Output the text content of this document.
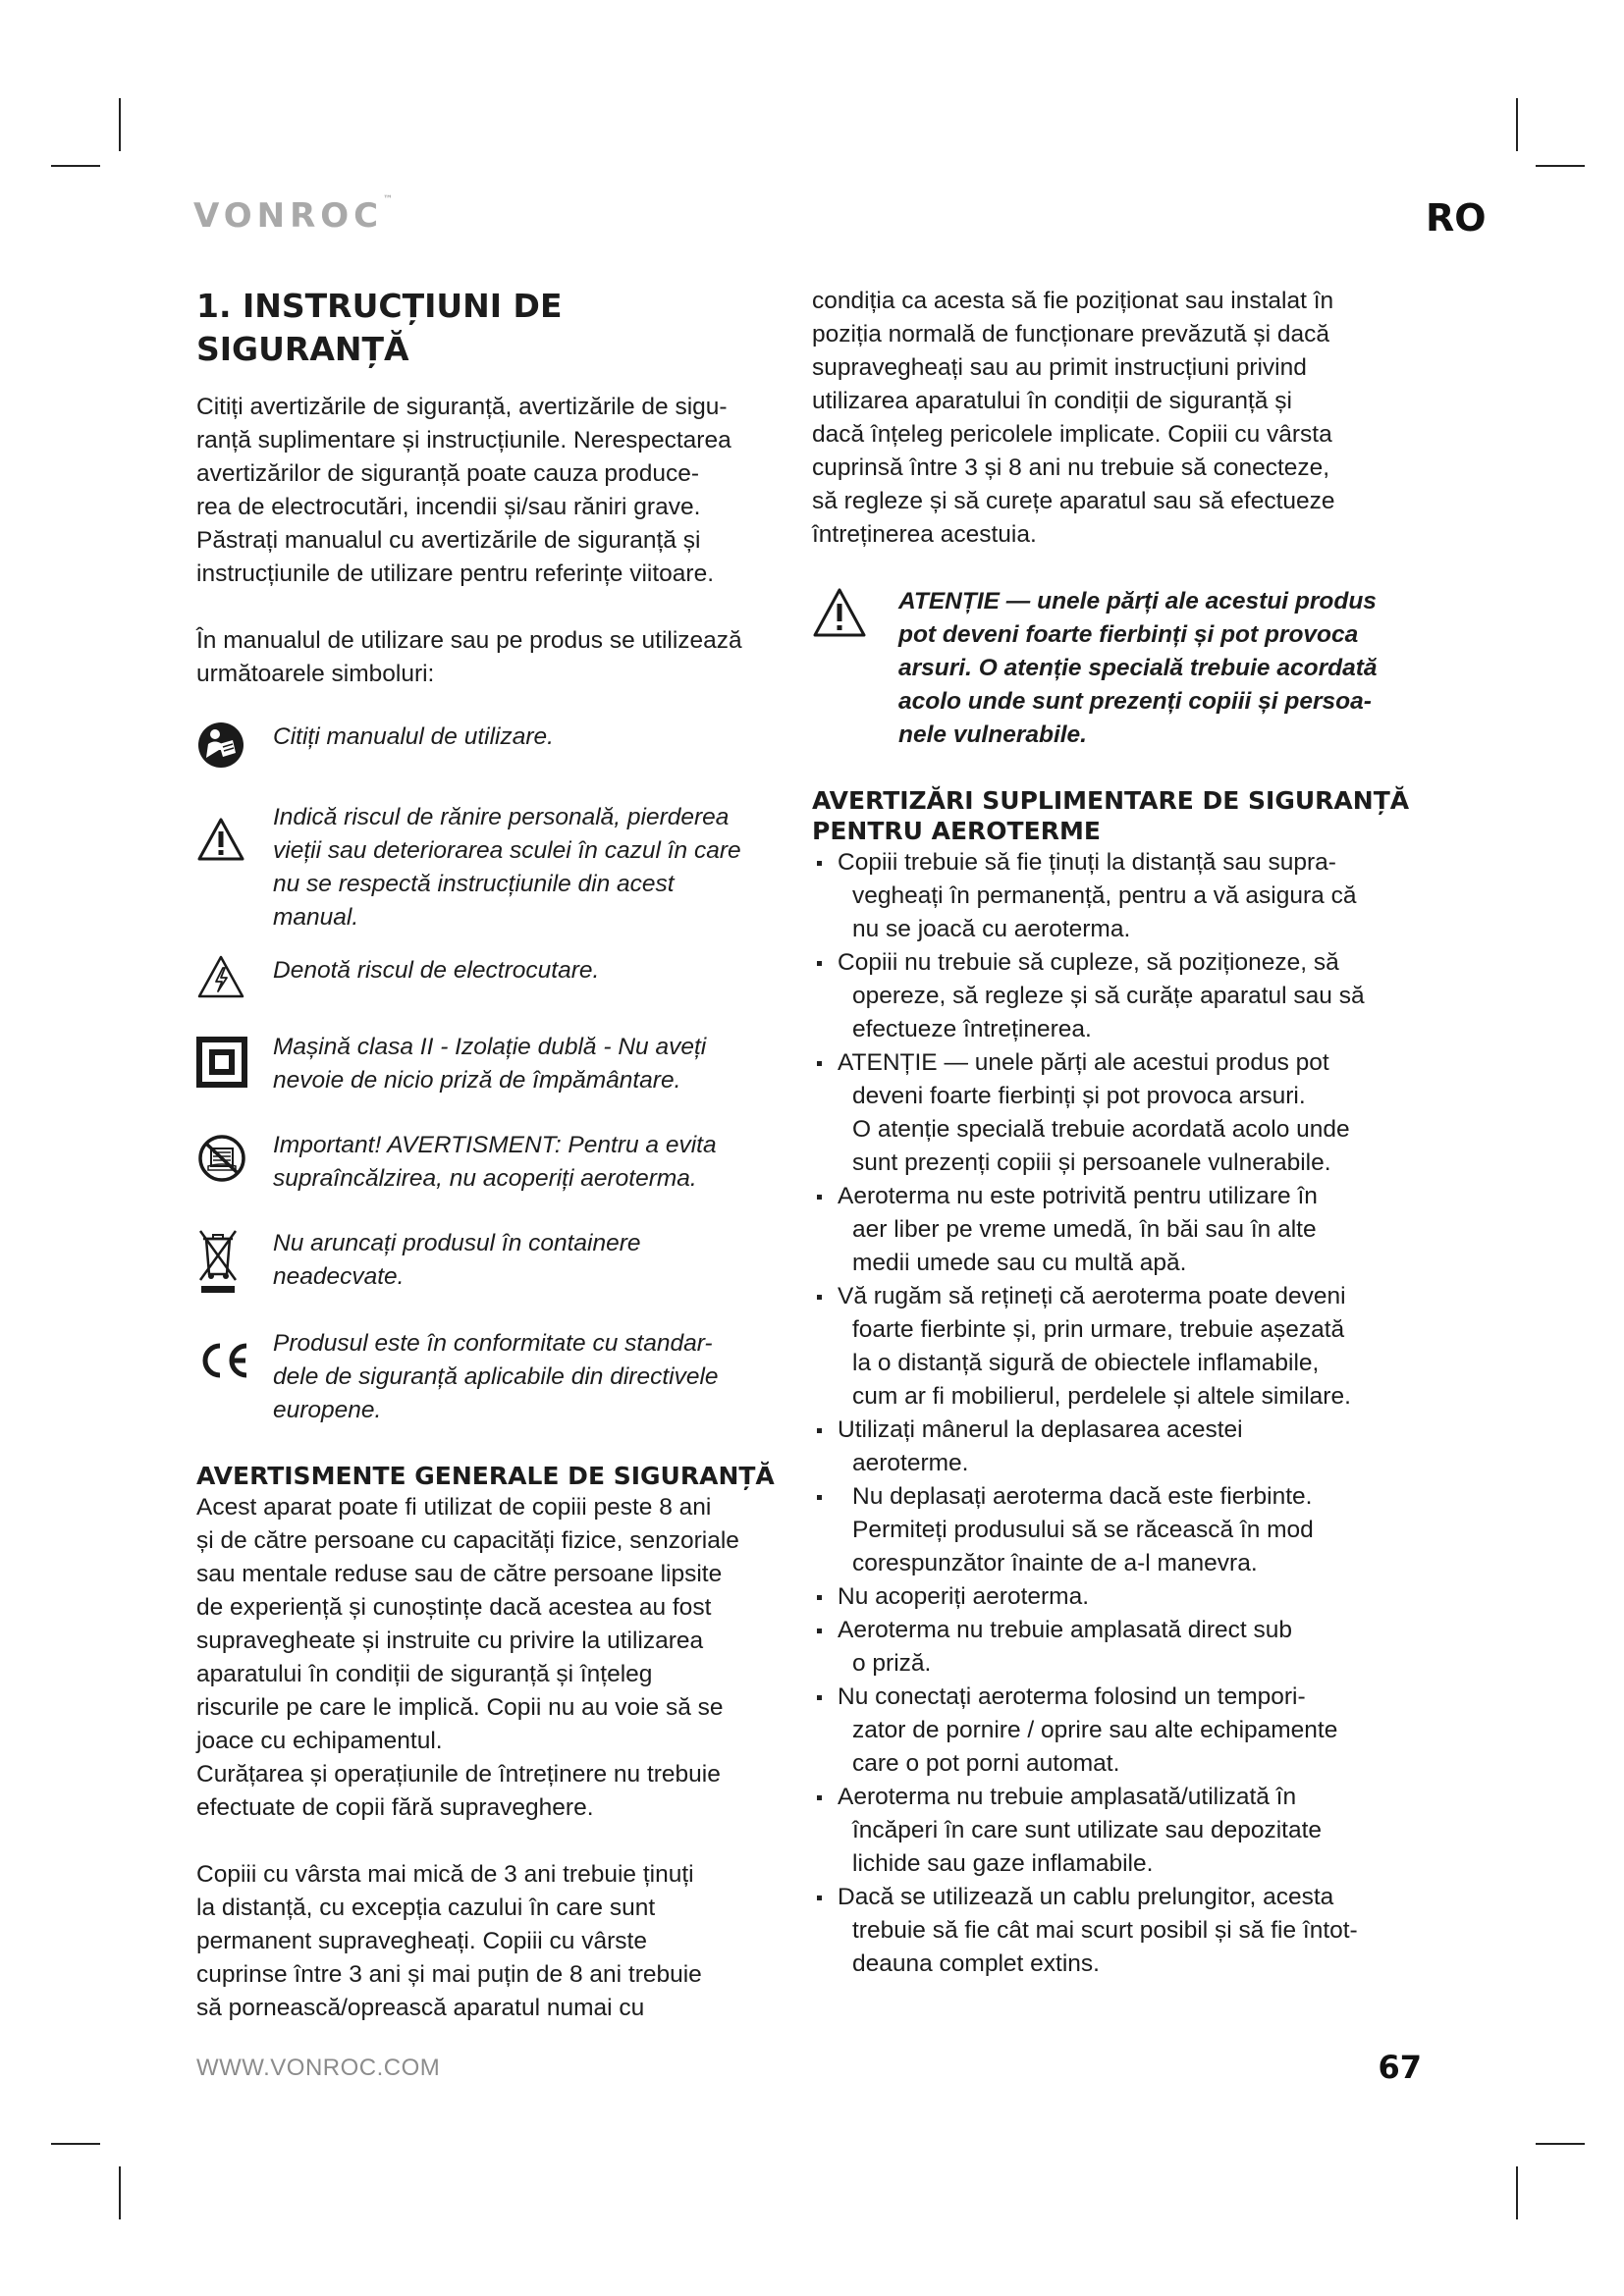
VONROC™	RO
1. INSTRUCȚIUNI DE SIGURANȚĂ

Citiți avertizările de siguranță, avertizările de sigu-
ranță suplimentare și instrucțiunile. Nerespectarea
avertizărilor de siguranță poate cauza produce-
rea de electrocutări, incendii și/sau răniri grave.
Păstrați manualul cu avertizările de siguranță și
instrucțiunile de utilizare pentru referințe viitoare.

În manualul de utilizare sau pe produs se utilizează
următoarele simboluri:

Citiți manualul de utilizare.
Indică riscul de rănire personală, pierderea
vieții sau deteriorarea sculei în cazul în care
nu se respectă instrucțiunile din acest
manual.
Denotă riscul de electrocutare.
Mașină clasa II - Izolație dublă - Nu aveți
nevoie de nicio priză de împământare.
Important! AVERTISMENT: Pentru a evita
supraîncălzirea, nu acoperiți aeroterma.
Nu aruncați produsul în containere
neadecvate.
Produsul este în conformitate cu standar-
dele de siguranță aplicabile din directivele
europene.
AVERTISMENTE GENERALE DE SIGURANȚĂ

Acest aparat poate fi utilizat de copiii peste 8 ani
și de către persoane cu capacități fizice, senzoriale
sau mentale reduse sau de către persoane lipsite
de experiență și cunoștințe dacă acestea au fost
supravegheate și instruite cu privire la utilizarea
aparatului în condiții de siguranță și înțeleg
riscurile pe care le implică. Copii nu au voie să se
joace cu echipamentul.
Curățarea și operațiunile de întreținere nu trebuie
efectuate de copii fără supraveghere.

Copiii cu vârsta mai mică de 3 ani trebuie ținuți
la distanță, cu excepția cazului în care sunt
permanent supravegheați. Copiii cu vârste
cuprinse între 3 ani și mai puțin de 8 ani trebuie
să pornească/oprească aparatul numai cu

condiția ca acesta să fie poziționat sau instalat în
poziția normală de funcționare prevăzută și dacă
supravegheați sau au primit instrucțiuni privind
utilizarea aparatului în condiții de siguranță și
dacă înțeleg pericolele implicate. Copiii cu vârsta
cuprinsă între 3 și 8 ani nu trebuie să conecteze,
să regleze și să curețe aparatul sau să efectueze
întreținerea acestuia.

ATENȚIE — unele părți ale acestui produs
pot deveni foarte fierbinți și pot provoca
arsuri. O atenție specială trebuie acordată
acolo unde sunt prezenți copiii și persoa-
nele vulnerabile.
AVERTIZĂRI SUPLIMENTARE DE SIGURANȚĂ
PENTRU AEROTERME
Copiii trebuie să fie ținuți la distanță sau supra-
vegheați în permanență, pentru a vă asigura că
nu se joacă cu aeroterma.
Copiii nu trebuie să cupleze, să poziționeze, să
opereze, să regleze și să curățe aparatul sau să
efectueze întreținerea.
ATENȚIE — unele părți ale acestui produs pot
deveni foarte fierbinți și pot provoca arsuri.
O atenție specială trebuie acordată acolo unde
sunt prezenți copiii și persoanele vulnerabile.
Aeroterma nu este potrivită pentru utilizare în
aer liber pe vreme umedă, în băi sau în alte
medii umede sau cu multă apă.
Vă rugăm să rețineți că aeroterma poate deveni
foarte fierbinte și, prin urmare, trebuie așezată
la o distanță sigură de obiectele inflamabile,
cum ar fi mobilierul, perdelele și altele similare.
Utilizați mânerul la deplasarea acestei
aeroterme.
Nu deplasați aeroterma dacă este fierbinte.
Permiteți produsului să se răcească în mod
corespunzător înainte de a-l manevra.
Nu acoperiți aeroterma.
Aeroterma nu trebuie amplasată direct sub
o priză.
Nu conectați aeroterma folosind un tempori-
zator de pornire / oprire sau alte echipamente
care o pot porni automat.
Aeroterma nu trebuie amplasată/utilizată în
încăperi în care sunt utilizate sau depozitate
lichide sau gaze inflamabile.
Dacă se utilizează un cablu prelungitor, acesta
trebuie să fie cât mai scurt posibil și să fie întot-
deauna complet extins.
WWW.VONROC.COM	67
